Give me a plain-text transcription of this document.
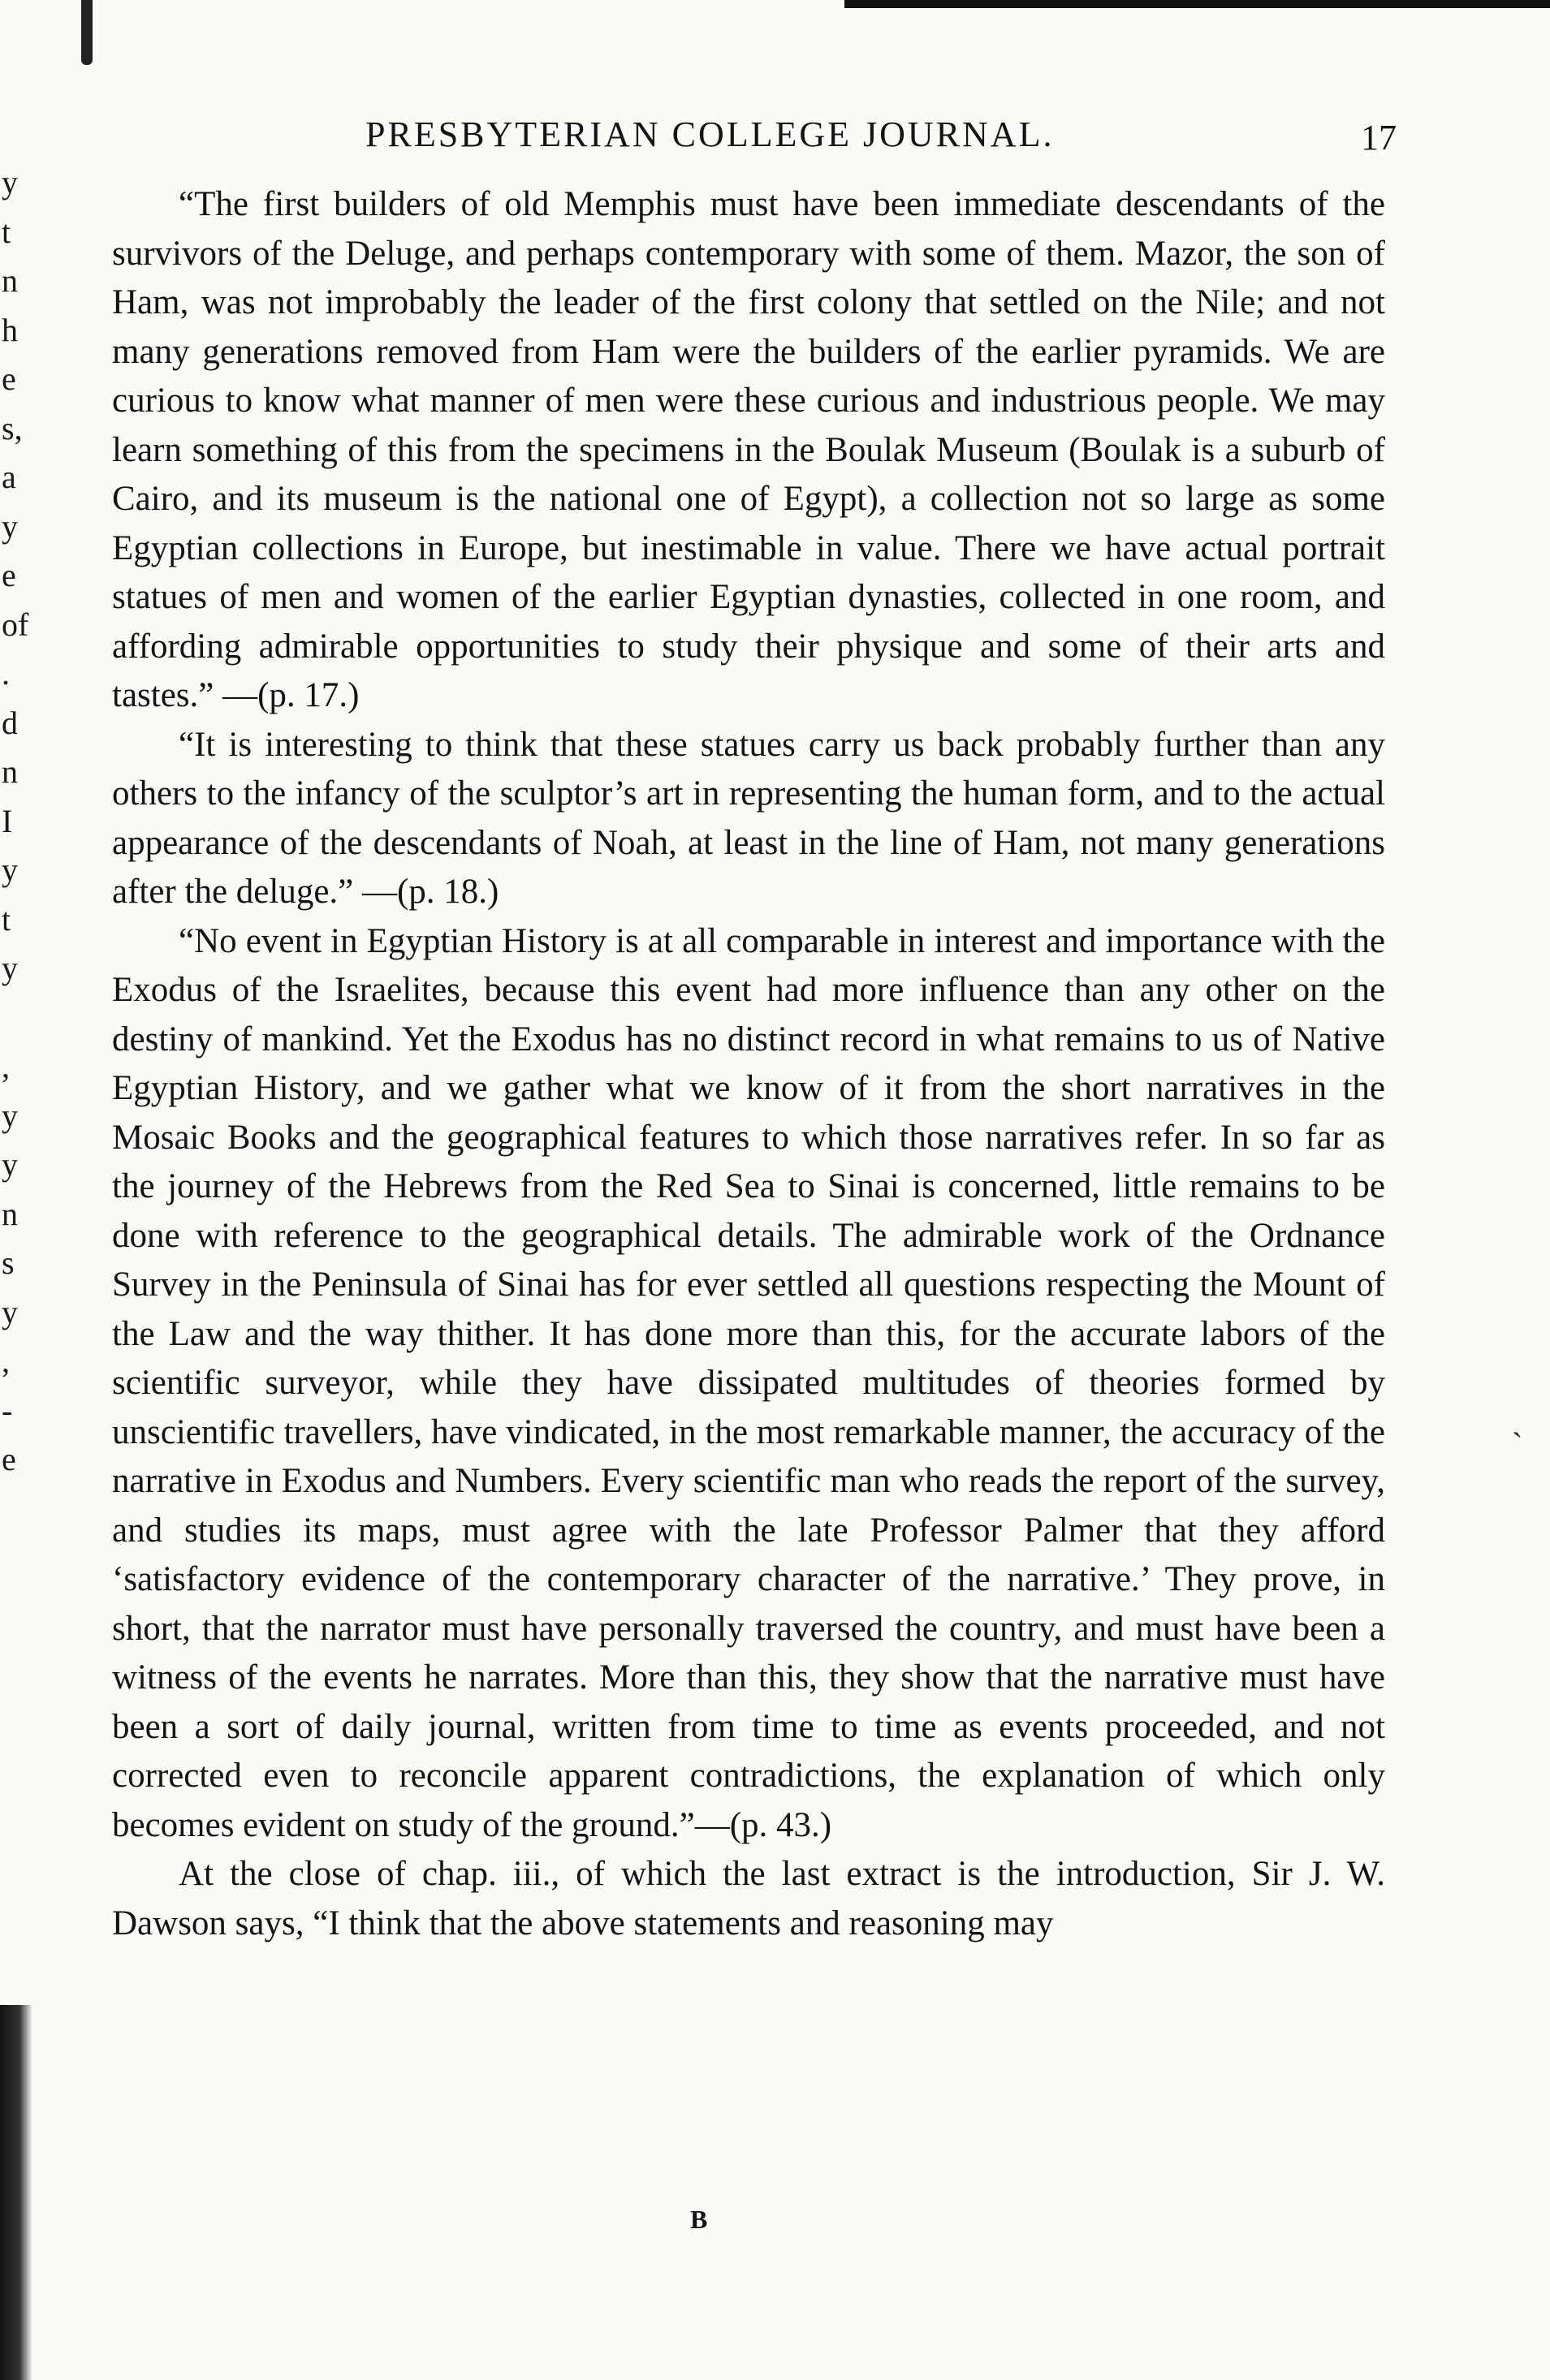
y
t
n
h
e
s,
a
y
e
of
.
d
n
I
y
t
y
,
y
y
n
s
y
,
-
e
ˏ
PRESBYTERIAN COLLEGE JOURNAL.	17

“The first builders of old Memphis must have been immediate descendants of the survivors of the Deluge, and perhaps contemporary with some of them. Mazor, the son of Ham, was not improbably the leader of the first colony that settled on the Nile; and not many generations removed from Ham were the builders of the earlier pyramids. We are curious to know what manner of men were these curious and industrious people. We may learn something of this from the specimens in the Boulak Museum (Boulak is a suburb of Cairo, and its museum is the national one of Egypt), a collection not so large as some Egyptian collections in Europe, but inestimable in value. There we have actual portrait statues of men and women of the earlier Egyptian dynasties, collected in one room, and affording admirable opportunities to study their physique and some of their arts and tastes.” —(p. 17.)

“It is interesting to think that these statues carry us back probably further than any others to the infancy of the sculptor’s art in representing the human form, and to the actual appearance of the descendants of Noah, at least in the line of Ham, not many generations after the deluge.” —(p. 18.)

“No event in Egyptian History is at all comparable in interest and importance with the Exodus of the Israelites, because this event had more influence than any other on the destiny of mankind. Yet the Exodus has no distinct record in what remains to us of Native Egyptian History, and we gather what we know of it from the short narratives in the Mosaic Books and the geographical features to which those narratives refer. In so far as the journey of the Hebrews from the Red Sea to Sinai is concerned, little remains to be done with reference to the geographical details. The admirable work of the Ordnance Survey in the Peninsula of Sinai has for ever settled all questions respecting the Mount of the Law and the way thither. It has done more than this, for the accurate labors of the scientific surveyor, while they have dissipated multitudes of theories formed by unscientific travellers, have vindicated, in the most remarkable manner, the accuracy of the narrative in Exodus and Numbers. Every scientific man who reads the report of the survey, and studies its maps, must agree with the late Professor Palmer that they afford ‘satisfactory evidence of the contemporary character of the narrative.’ They prove, in short, that the narrator must have personally traversed the country, and must have been a witness of the events he narrates. More than this, they show that the narrative must have been a sort of daily journal, written from time to time as events proceeded, and not corrected even to reconcile apparent contradictions, the explanation of which only becomes evident on study of the ground.”—(p. 43.)

At the close of chap. iii., of which the last extract is the introduction, Sir J. W. Dawson says, “I think that the above statements and reasoning may

B
